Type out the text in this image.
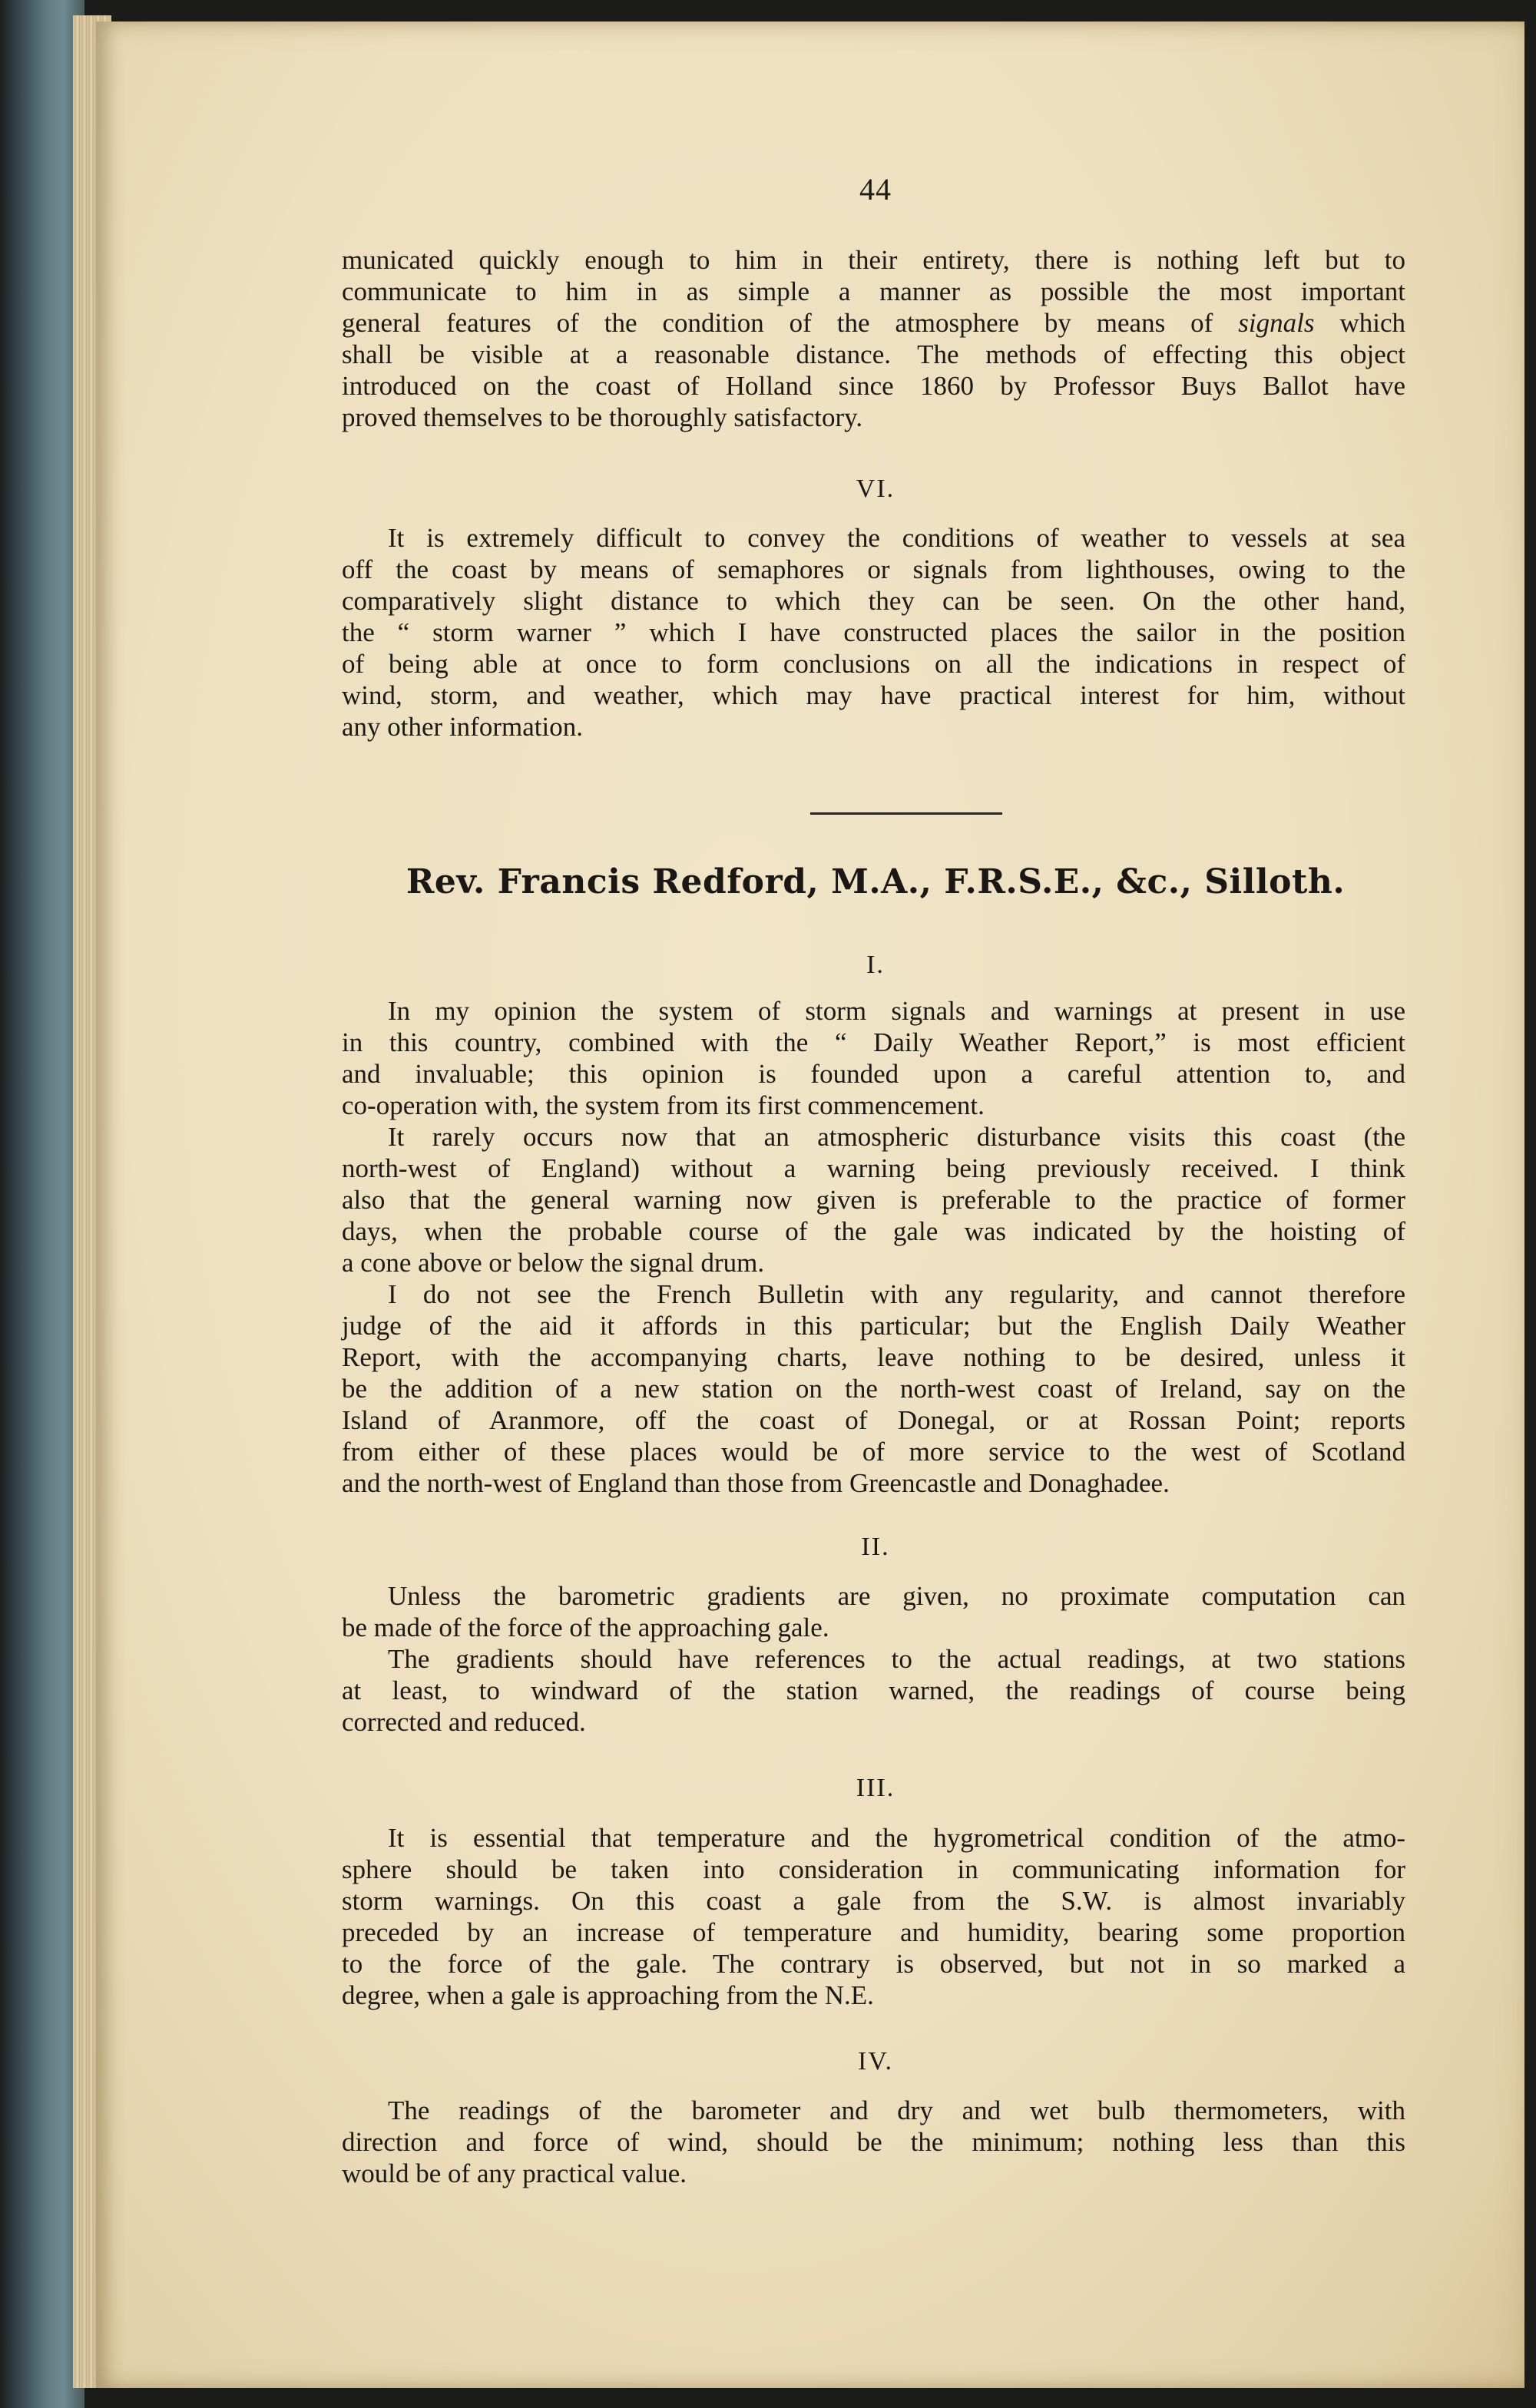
44
municated quickly enough to him in their entirety, there is nothing left but to
communicate to him in as simple a manner as possible the most important
general features of the condition of the atmosphere by means of signals which
shall be visible at a reasonable distance. The methods of effecting this object
introduced on the coast of Holland since 1860 by Professor Buys Ballot have
proved themselves to be thoroughly satisfactory.
VI.
It is extremely difficult to convey the conditions of weather to vessels at sea
off the coast by means of semaphores or signals from lighthouses, owing to the
comparatively slight distance to which they can be seen. On the other hand,
the “ storm warner ” which I have constructed places the sailor in the position
of being able at once to form conclusions on all the indications in respect of
wind, storm, and weather, which may have practical interest for him, without
any other information.
Rev. Francis Redford, M.A., F.R.S.E., &c., Silloth.
I.
In my opinion the system of storm signals and warnings at present in use
in this country, combined with the “ Daily Weather Report,” is most efficient
and invaluable; this opinion is founded upon a careful attention to, and
co-operation with, the system from its first commencement.
It rarely occurs now that an atmospheric disturbance visits this coast (the
north-west of England) without a warning being previously received. I think
also that the general warning now given is preferable to the practice of former
days, when the probable course of the gale was indicated by the hoisting of
a cone above or below the signal drum.
I do not see the French Bulletin with any regularity, and cannot therefore
judge of the aid it affords in this particular; but the English Daily Weather
Report, with the accompanying charts, leave nothing to be desired, unless it
be the addition of a new station on the north-west coast of Ireland, say on the
Island of Aranmore, off the coast of Donegal, or at Rossan Point; reports
from either of these places would be of more service to the west of Scotland
and the north-west of England than those from Greencastle and Donaghadee.
II.
Unless the barometric gradients are given, no proximate computation can
be made of the force of the approaching gale.
The gradients should have references to the actual readings, at two stations
at least, to windward of the station warned, the readings of course being
corrected and reduced.
III.
It is essential that temperature and the hygrometrical condition of the atmo-
sphere should be taken into consideration in communicating information for
storm warnings. On this coast a gale from the S.W. is almost invariably
preceded by an increase of temperature and humidity, bearing some proportion
to the force of the gale. The contrary is observed, but not in so marked a
degree, when a gale is approaching from the N.E.
IV.
The readings of the barometer and dry and wet bulb thermometers, with
direction and force of wind, should be the minimum; nothing less than this
would be of any practical value.
